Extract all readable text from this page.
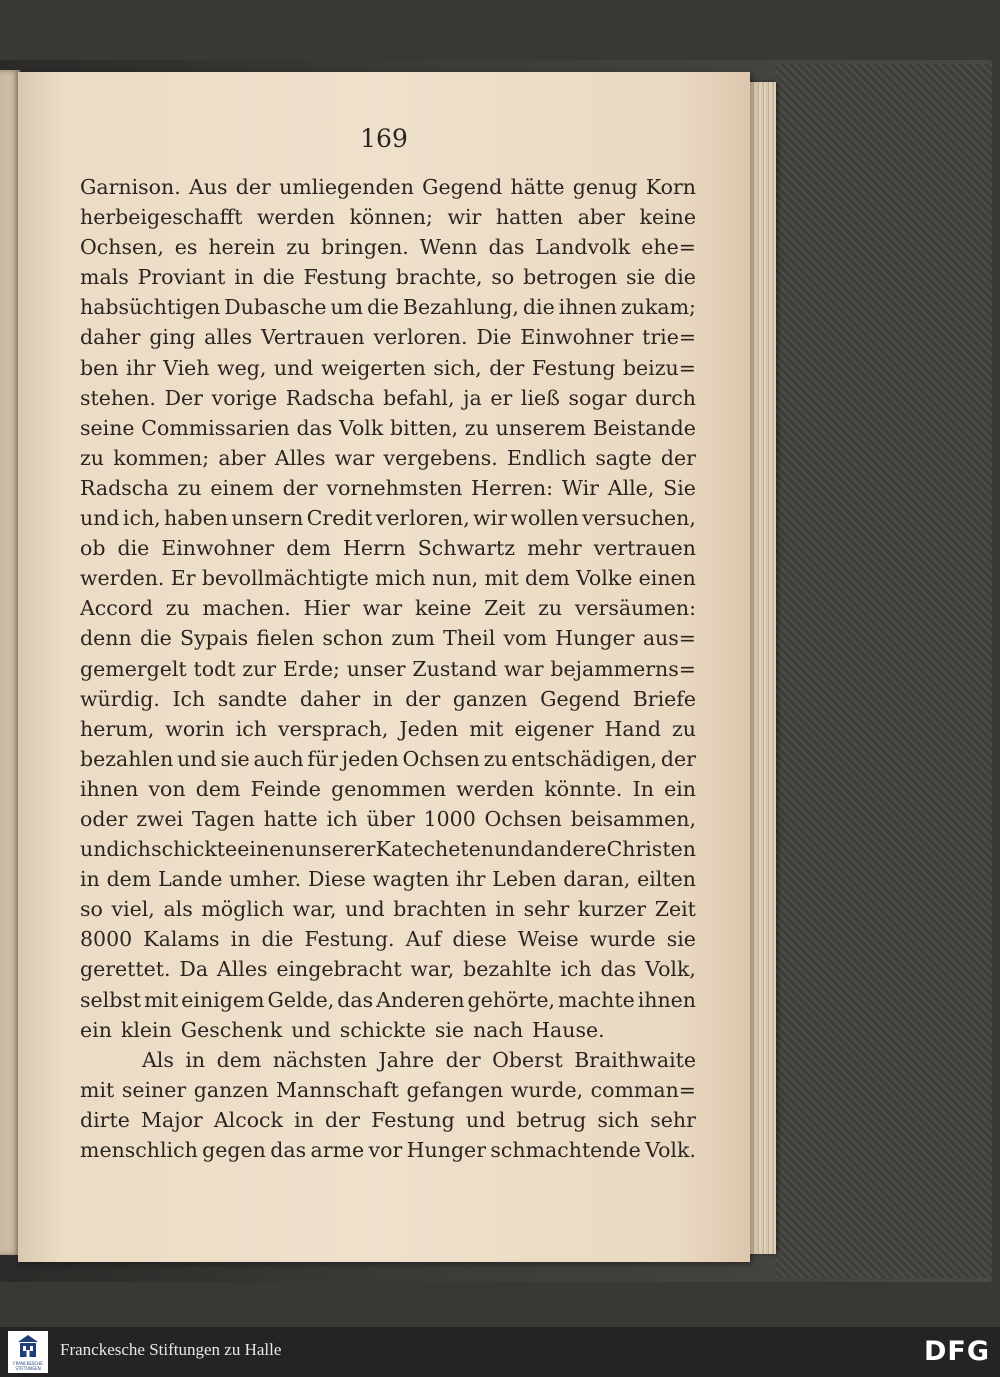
169
Garnison. Aus der umliegenden Gegend hätte genug Korn
herbeigeschafft werden können; wir hatten aber keine
Ochsen, es herein zu bringen. Wenn das Landvolk ehe=
mals Proviant in die Festung brachte, so betrogen sie die
habsüchtigen Dubasche um die Bezahlung, die ihnen zukam;
daher ging alles Vertrauen verloren. Die Einwohner trie=
ben ihr Vieh weg, und weigerten sich, der Festung beizu=
stehen. Der vorige Radscha befahl, ja er ließ sogar durch
seine Commissarien das Volk bitten, zu unserem Beistande
zu kommen; aber Alles war vergebens. Endlich sagte der
Radscha zu einem der vornehmsten Herren: Wir Alle, Sie
und ich, haben unsern Credit verloren, wir wollen versuchen,
ob die Einwohner dem Herrn Schwartz mehr vertrauen
werden. Er bevollmächtigte mich nun, mit dem Volke einen
Accord zu machen. Hier war keine Zeit zu versäumen:
denn die Sypais fielen schon zum Theil vom Hunger aus=
gemergelt todt zur Erde; unser Zustand war bejammerns=
würdig. Ich sandte daher in der ganzen Gegend Briefe
herum, worin ich versprach, Jeden mit eigener Hand zu
bezahlen und sie auch für jeden Ochsen zu entschädigen, der
ihnen von dem Feinde genommen werden könnte. In ein
oder zwei Tagen hatte ich über 1000 Ochsen beisammen,
und ich schickte einen unserer Katecheten und andere Christen
in dem Lande umher. Diese wagten ihr Leben daran, eilten
so viel, als möglich war, und brachten in sehr kurzer Zeit
8000 Kalams in die Festung. Auf diese Weise wurde sie
gerettet. Da Alles eingebracht war, bezahlte ich das Volk,
selbst mit einigem Gelde, das Anderen gehörte, machte ihnen
ein klein Geschenk und schickte sie nach Hause.
Als in dem nächsten Jahre der Oberst Braithwaite
mit seiner ganzen Mannschaft gefangen wurde, comman=
dirte Major Alcock in der Festung und betrug sich sehr
menschlich gegen das arme vor Hunger schmachtende Volk.
FRANCKESCHE STIFTUNGEN
Franckesche Stiftungen zu Halle	DFG
